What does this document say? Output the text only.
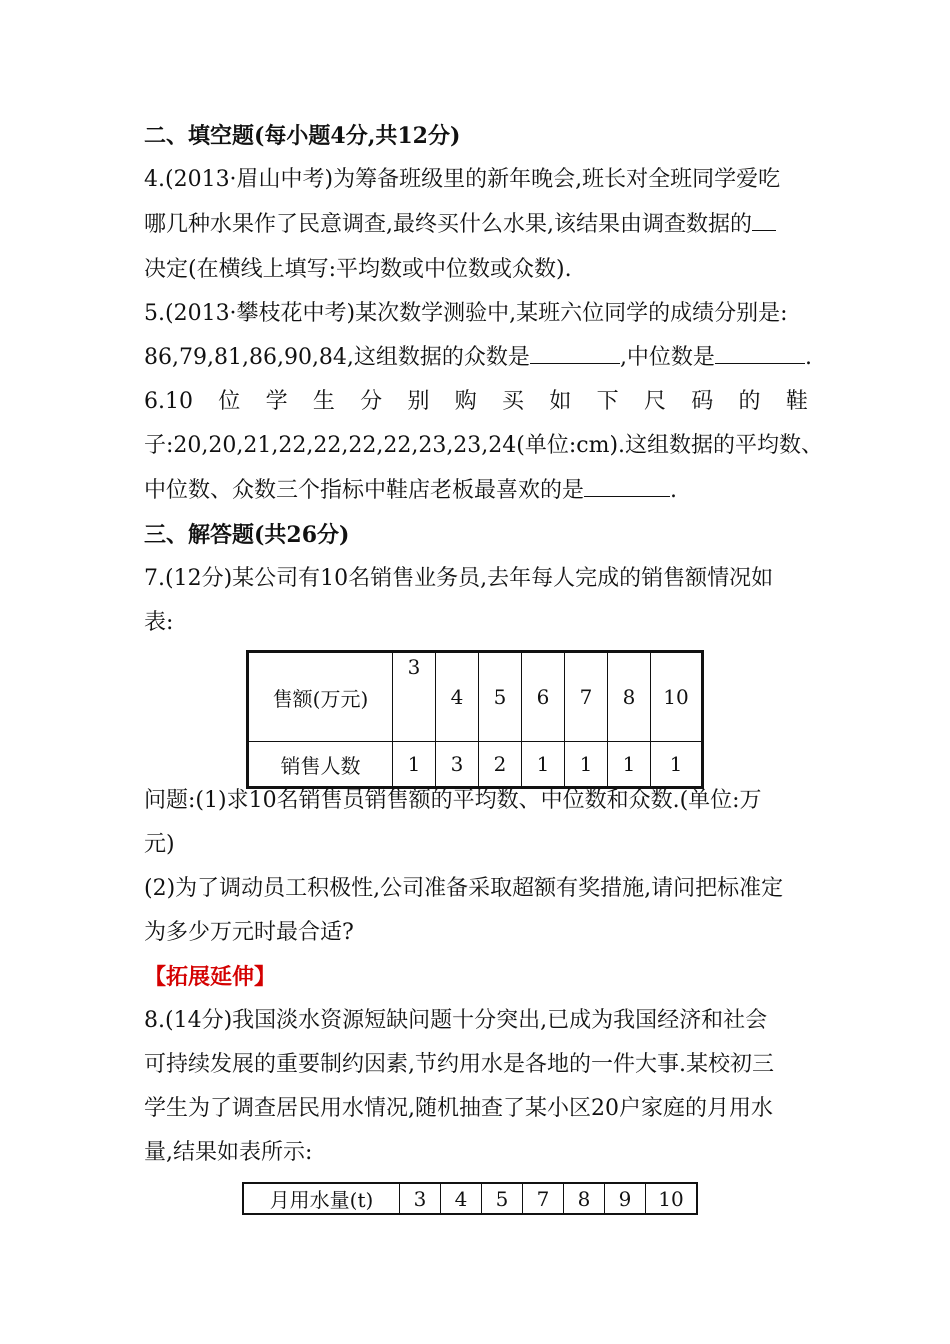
二、填空题(每小题4分,共12分)
4.(2013·眉山中考)为筹备班级里的新年晚会,班长对全班同学爱吃
哪几种水果作了民意调查,最终买什么水果,该结果由调查数据的
决定(在横线上填写:平均数或中位数或众数).
5.(2013·攀枝花中考)某次数学测验中,某班六位同学的成绩分别是:
86,79,81,86,90,84,这组数据的众数是	,中位数是	.
6.10 位 学 生 分 别 购 买 如 下 尺 码 的 鞋
子:20,20,21,22,22,22,22,23,23,24(单位:cm).这组数据的平均数、
中位数、众数三个指标中鞋店老板最喜欢的是	.
三、解答题(共26分)
7.(12分)某公司有10名销售业务员,去年每人完成的销售额情况如
表:
售额(万元)	3	4	5	6	7	8	10
销售人数	1	3	2	1	1	1	1
问题:(1)求10名销售员销售额的平均数、中位数和众数.(单位:万
元)
(2)为了调动员工积极性,公司准备采取超额有奖措施,请问把标准定
为多少万元时最合适?
【拓展延伸】
8.(14分)我国淡水资源短缺问题十分突出,已成为我国经济和社会
可持续发展的重要制约因素,节约用水是各地的一件大事.某校初三
学生为了调查居民用水情况,随机抽查了某小区20户家庭的月用水
量,结果如表所示:
月用水量(t)	3	4	5	7	8	9	10
